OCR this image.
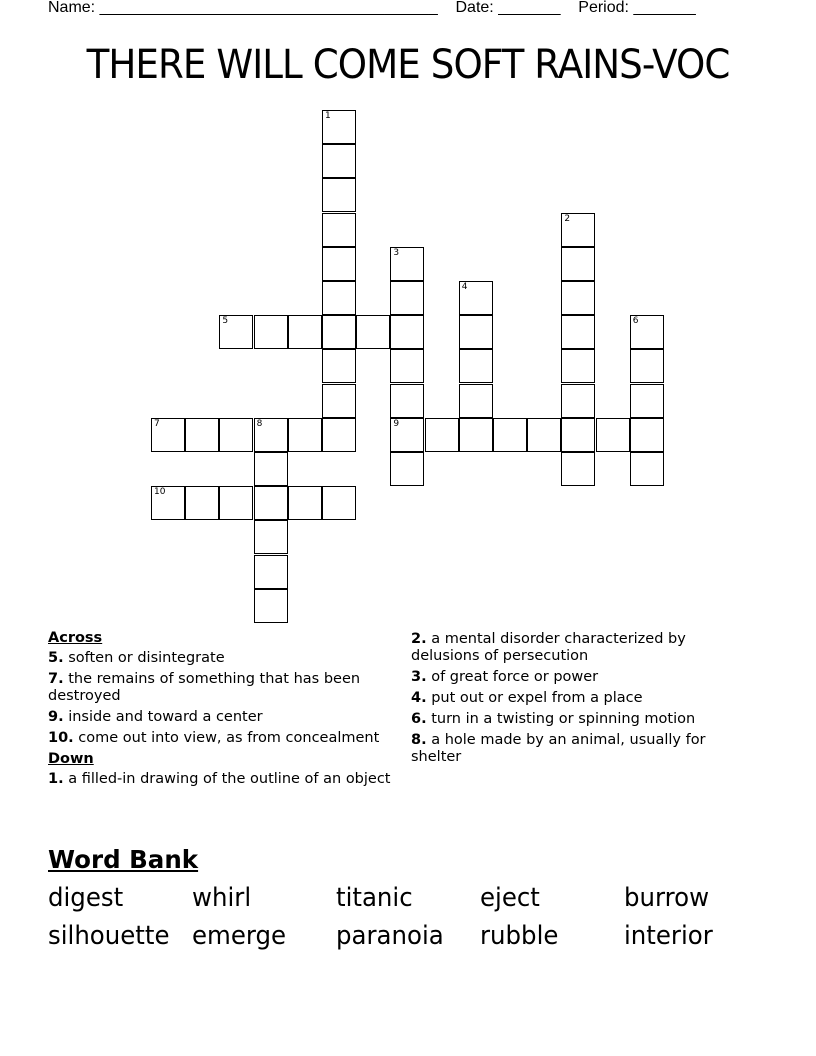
Name: ______________________________________ Date: _______ Period: _______
THERE WILL COME SOFT RAINS-VOC
1
2
3
9
4
5	6
7	8
10
Across
5. soften or disintegrate
7. the remains of something that has been destroyed
9. inside and toward a center
10. come out into view, as from concealment
Down
1. a filled-in drawing of the outline of an object
2. a mental disorder characterized by delusions of persecution
3. of great force or power
4. put out or expel from a place
6. turn in a twisting or spinning motion
8. a hole made by an animal, usually for shelter
Word Bank
digest	whirl	titanic	eject	burrow
silhouette emerge	paranoia	rubble	interior
